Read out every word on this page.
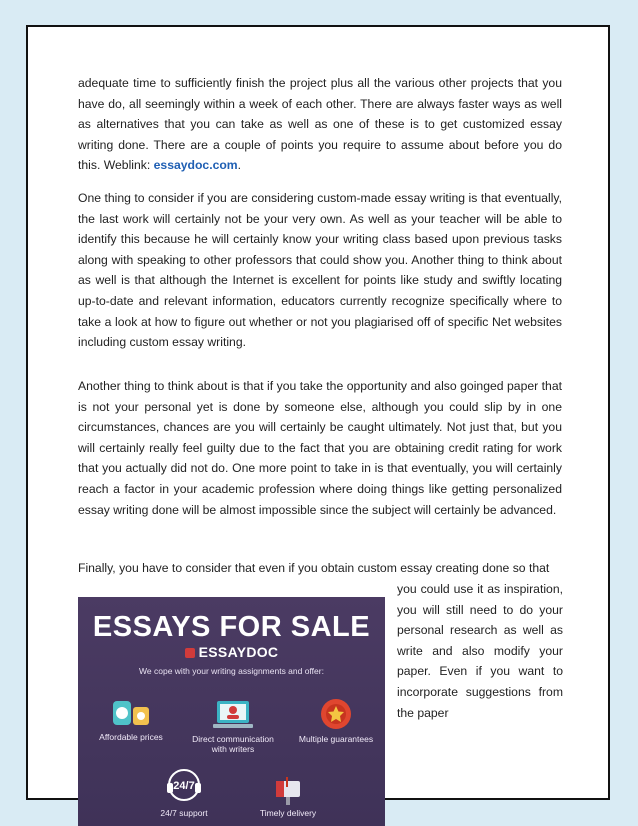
adequate time to sufficiently finish the project plus all the various other projects that you have do, all seemingly within a week of each other. There are always faster ways as well as alternatives that you can take as well as one of these is to get customized essay writing done. There are a couple of points you require to assume about before you do this. Weblink: essaydoc.com.

One thing to consider if you are considering custom-made essay writing is that eventually, the last work will certainly not be your very own. As well as your teacher will be able to identify this because he will certainly know your writing class based upon previous tasks along with speaking to other professors that could show you. Another thing to think about as well is that although the Internet is excellent for points like study and swiftly locating up-to-date and relevant information, educators currently recognize specifically where to take a look at how to figure out whether or not you plagiarised off of specific Net websites including custom essay writing.

Another thing to think about is that if you take the opportunity and also goinged paper that is not your personal yet is done by someone else, although you could slip by in one circumstances, chances are you will certainly be caught ultimately. Not just that, but you will certainly really feel guilty due to the fact that you are obtaining credit rating for work that you actually did not do. One more point to take in is that eventually, you will certainly reach a factor in your academic profession where doing things like getting personalized essay writing done will be almost impossible since the subject will certainly be advanced.

Finally, you have to consider that even if you obtain custom essay creating done so that

you could use it as inspiration, you will still need to do your personal research as well as write and also modify your paper. Even if you want to incorporate suggestions from the paper

ESSAYS FOR SALE
ESSAYDOC
We cope with your writing assignments and offer:
Affordable prices	Direct communication with writers
Multiple guarantees
24/7
24/7 support	Timely delivery
